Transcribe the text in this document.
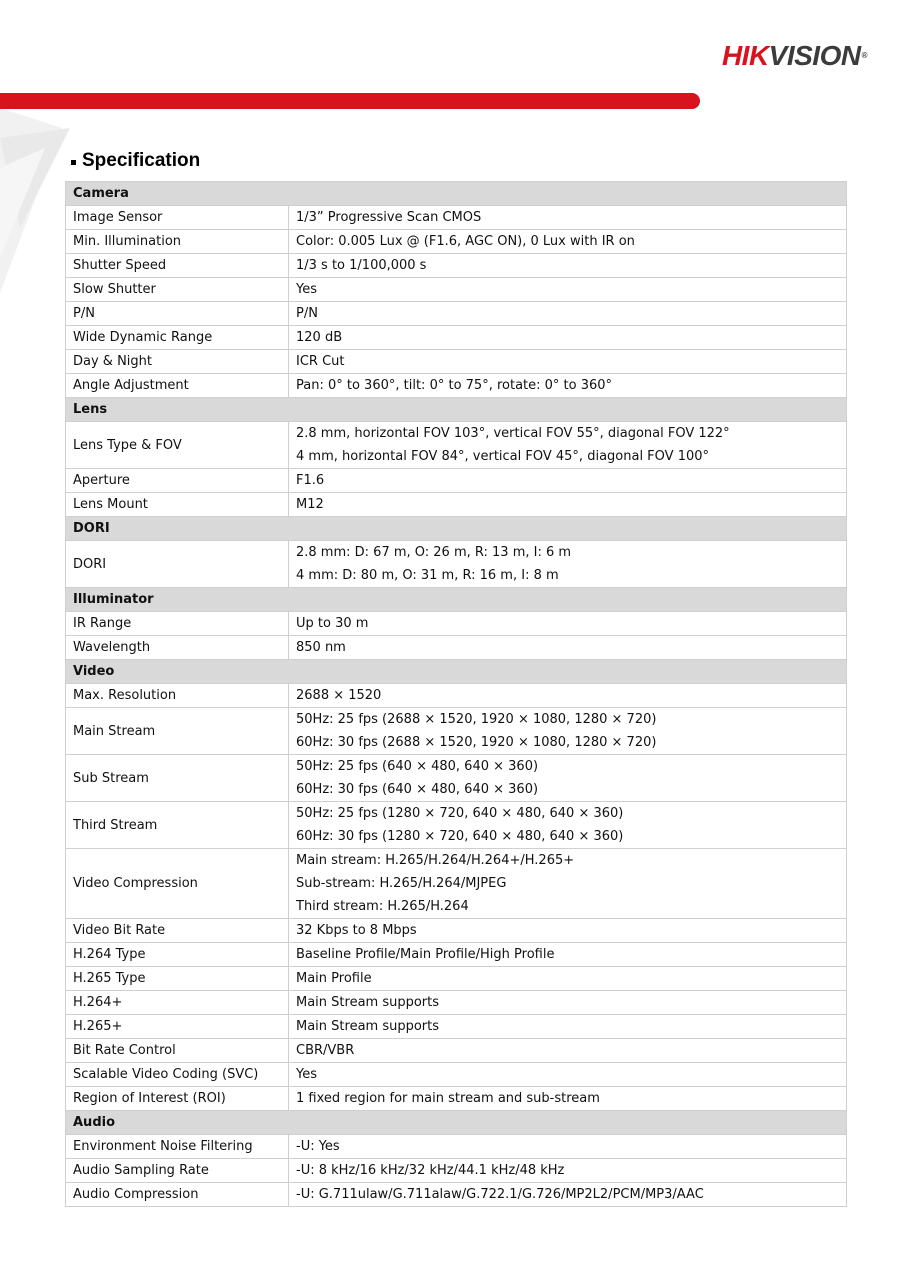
HIKVISION®
Specification
Camera	
Image Sensor	1/3” Progressive Scan CMOS

Min. Illumination	Color: 0.005 Lux @ (F1.6, AGC ON), 0 Lux with IR on

Shutter Speed	1/3 s to 1/100,000 s

Slow Shutter	Yes

P/N	P/N

Wide Dynamic Range	120 dB

Day & Night	ICR Cut

Angle Adjustment	Pan: 0° to 360°, tilt: 0° to 75°, rotate: 0° to 360°

Lens	
Lens Type & FOV	2.8 mm, horizontal FOV 103°, vertical FOV 55°, diagonal FOV 122°
4 mm, horizontal FOV 84°, vertical FOV 45°, diagonal FOV 100°

Aperture	F1.6

Lens Mount	M12

DORI	
DORI	2.8 mm: D: 67 m, O: 26 m, R: 13 m, I: 6 m
4 mm: D: 80 m, O: 31 m, R: 16 m, I: 8 m

Illuminator	
IR Range	Up to 30 m

Wavelength	850 nm

Video	
Max. Resolution	2688 × 1520

Main Stream	50Hz: 25 fps (2688 × 1520, 1920 × 1080, 1280 × 720)
60Hz: 30 fps (2688 × 1520, 1920 × 1080, 1280 × 720)

Sub Stream	50Hz: 25 fps (640 × 480, 640 × 360)
60Hz: 30 fps (640 × 480, 640 × 360)

Third Stream	50Hz: 25 fps (1280 × 720, 640 × 480, 640 × 360)
60Hz: 30 fps (1280 × 720, 640 × 480, 640 × 360)

Video Compression	Main stream: H.265/H.264/H.264+/H.265+
Sub-stream: H.265/H.264/MJPEG
Third stream: H.265/H.264

Video Bit Rate	32 Kbps to 8 Mbps

H.264 Type	Baseline Profile/Main Profile/High Profile

H.265 Type	Main Profile

H.264+	Main Stream supports

H.265+	Main Stream supports

Bit Rate Control	CBR/VBR

Scalable Video Coding (SVC)	Yes

Region of Interest (ROI)	1 fixed region for main stream and sub-stream

Audio	
Environment Noise Filtering	-U: Yes

Audio Sampling Rate	-U: 8 kHz/16 kHz/32 kHz/44.1 kHz/48 kHz

Audio Compression	-U: G.711ulaw/G.711alaw/G.722.1/G.726/MP2L2/PCM/MP3/AAC
